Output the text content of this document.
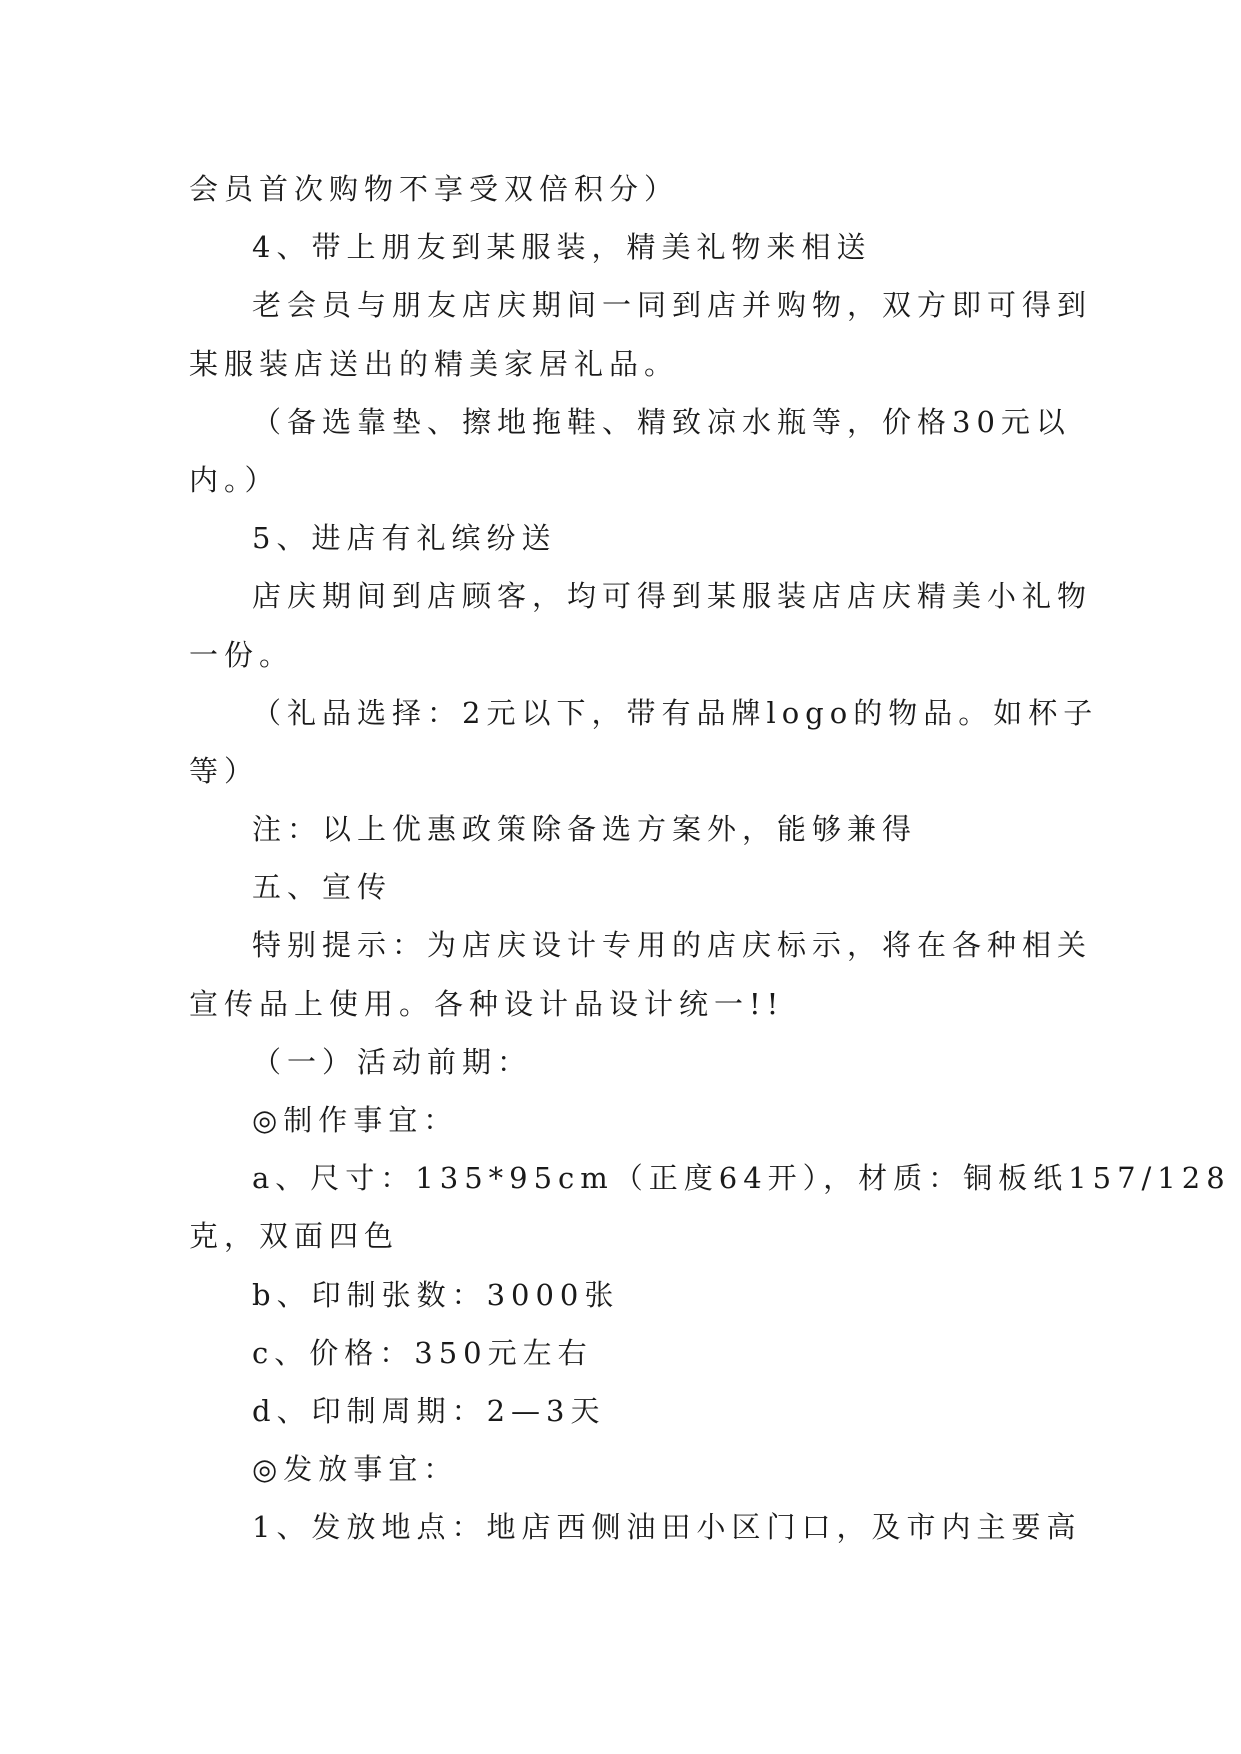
会员首次购物不享受双倍积分）
4、带上朋友到某服装，精美礼物来相送
老会员与朋友店庆期间一同到店并购物，双方即可得到
某服装店送出的精美家居礼品。
（备选靠垫、擦地拖鞋、精致凉水瓶等，价格30元以
内。）
5、进店有礼缤纷送
店庆期间到店顾客，均可得到某服装店店庆精美小礼物
一份。
（礼品选择：2元以下，带有品牌logo的物品。如杯子
等）
注：以上优惠政策除备选方案外，能够兼得
五、宣传
特别提示：为店庆设计专用的店庆标示，将在各种相关
宣传品上使用。各种设计品设计统一!!
（一）活动前期：
◎制作事宜：
a、尺寸：135*95cm（正度64开），材质：铜板纸157/128
克，双面四色
b、印制张数：3000张
c、价格：350元左右
d、印制周期：2—3天
◎发放事宜：
1、发放地点：地店西侧油田小区门口，及市内主要高
